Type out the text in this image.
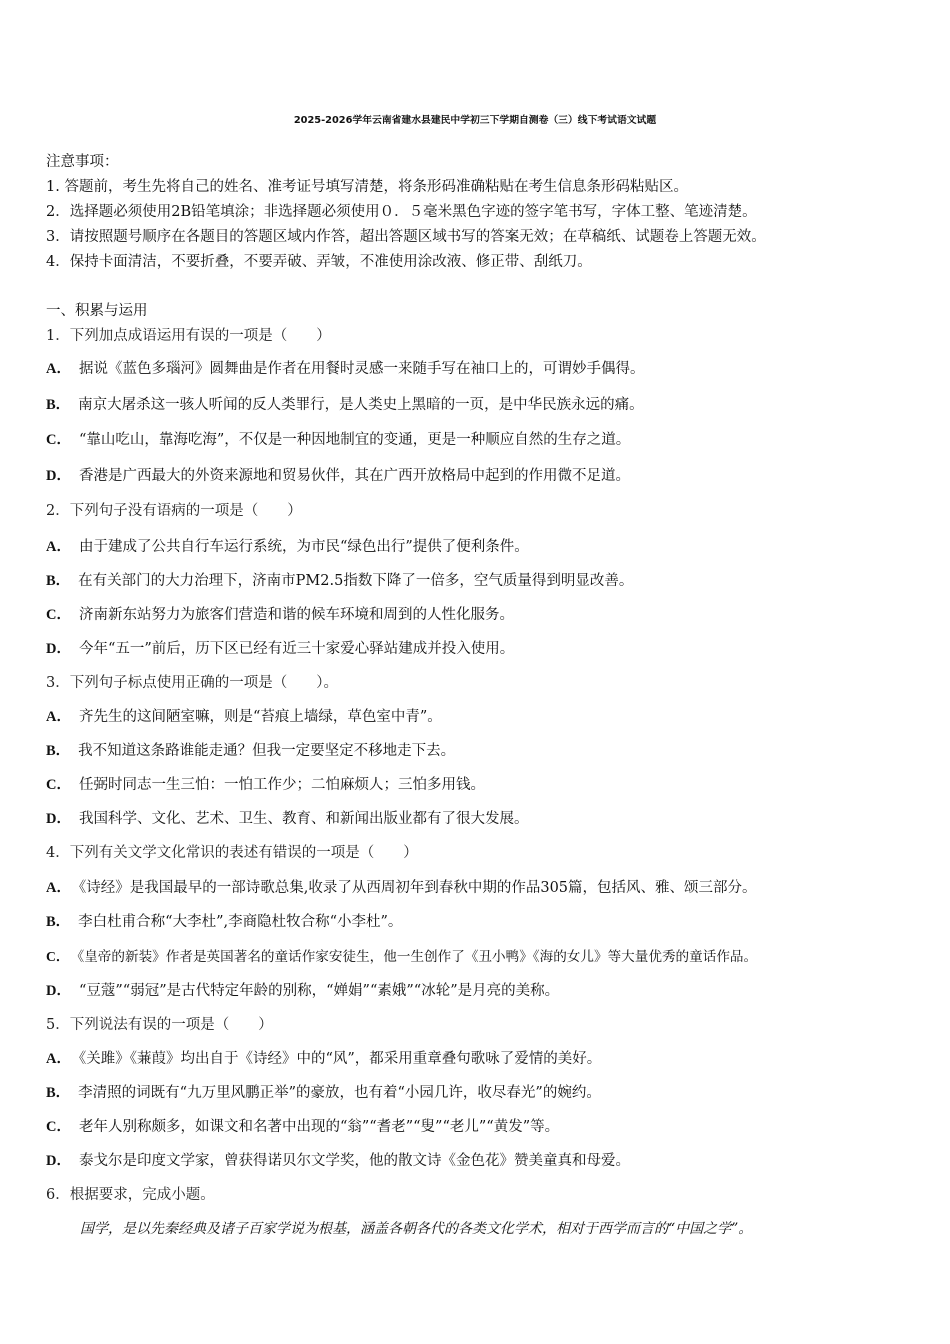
2025-2026学年云南省建水县建民中学初三下学期自测卷（三）线下考试语文试题
注意事项：
1. 答题前，考生先将自己的姓名、准考证号填写清楚，将条形码准确粘贴在考生信息条形码粘贴区。
2．选择题必须使用2B铅笔填涂；非选择题必须使用０．５毫米黑色字迹的签字笔书写，字体工整、笔迹清楚。
3．请按照题号顺序在各题目的答题区域内作答，超出答题区域书写的答案无效；在草稿纸、试题卷上答题无效。
4．保持卡面清洁，不要折叠，不要弄破、弄皱，不准使用涂改液、修正带、刮纸刀。
一、积累与运用
1．下列加点成语运用有误的一项是（　　）
A． 据说《蓝色多瑙河》圆舞曲是作者在用餐时灵感一来随手写在袖口上的，可谓妙手偶得。
B． 南京大屠杀这一骇人听闻的反人类罪行，是人类史上黑暗的一页，是中华民族永远的痛。
C． “靠山吃山，靠海吃海”，不仅是一种因地制宜的变通，更是一种顺应自然的生存之道。
D． 香港是广西最大的外资来源地和贸易伙伴，其在广西开放格局中起到的作用微不足道。
2．下列句子没有语病的一项是（　　）
A． 由于建成了公共自行车运行系统，为市民“绿色出行”提供了便利条件。
B． 在有关部门的大力治理下，济南市PM2.5指数下降了一倍多，空气质量得到明显改善。
C． 济南新东站努力为旅客们营造和谐的候车环境和周到的人性化服务。
D． 今年“五一”前后，历下区已经有近三十家爱心驿站建成并投入使用。
3．下列句子标点使用正确的一项是（　　）。
A． 齐先生的这间陋室嘛，则是“苔痕上墙绿，草色室中青”。
B． 我不知道这条路谁能走通？但我一定要坚定不移地走下去。
C． 任弼时同志一生三怕：一怕工作少；二怕麻烦人；三怕多用钱。
D． 我国科学、文化、艺术、卫生、教育、和新闻出版业都有了很大发展。
4．下列有关文学文化常识的表述有错误的一项是（　　）
A． 《诗经》是我国最早的一部诗歌总集,收录了从西周初年到春秋中期的作品305篇，包括风、雅、颂三部分。
B． 李白杜甫合称“大李杜”,李商隐杜牧合称“小李杜”。
C． 《皇帝的新装》作者是英国著名的童话作家安徒生，他一生创作了《丑小鸭》《海的女儿》等大量优秀的童话作品。
D． “豆蔻”“弱冠”是古代特定年龄的别称，“婵娟”“素娥”“冰轮”是月亮的美称。
5．下列说法有误的一项是（　　）
A． 《关雎》《蒹葭》均出自于《诗经》中的“风”，都采用重章叠句歌咏了爱情的美好。
B． 李清照的词既有“九万里风鹏正举”的豪放，也有着“小园几许，收尽春光”的婉约。
C． 老年人别称颇多，如课文和名著中出现的“翁”“耆老”“叟”“老儿”“黄发”等。
D． 泰戈尔是印度文学家，曾获得诺贝尔文学奖，他的散文诗《金色花》赞美童真和母爱。
6．根据要求，完成小题。
国学，是以先秦经典及诸子百家学说为根基，涵盖各朝各代的各类文化学术，相对于西学而言的“中国之学”。
